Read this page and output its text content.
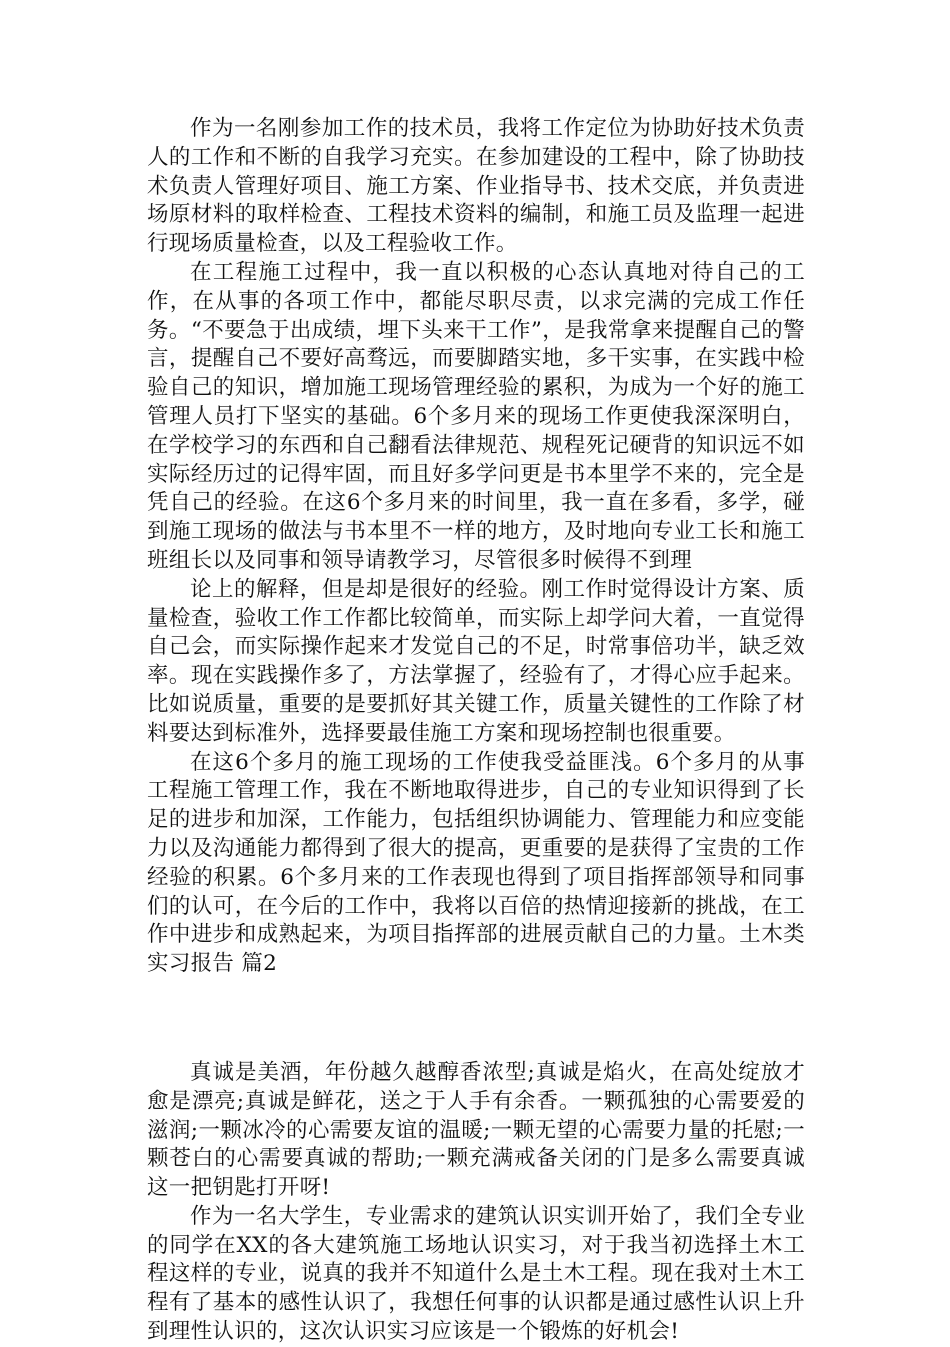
作为一名刚参加工作的技术员，我将工作定位为协助好技术负责人的工作和不断的自我学习充实。在参加建设的工程中，除了协助技术负责人管理好项目、施工方案、作业指导书、技术交底，并负责进场原材料的取样检查、工程技术资料的编制，和施工员及监理一起进行现场质量检查，以及工程验收工作。

在工程施工过程中，我一直以积极的心态认真地对待自己的工作，在从事的各项工作中，都能尽职尽责，以求完满的完成工作任务。“不要急于出成绩，埋下头来干工作”，是我常拿来提醒自己的警言，提醒自己不要好高骛远，而要脚踏实地，多干实事，在实践中检验自己的知识，增加施工现场管理经验的累积，为成为一个好的施工管理人员打下坚实的基础。6个多月来的现场工作更使我深深明白，在学校学习的东西和自己翻看法律规范、规程死记硬背的知识远不如实际经历过的记得牢固，而且好多学问更是书本里学不来的，完全是凭自己的经验。在这6个多月来的时间里，我一直在多看，多学，碰到施工现场的做法与书本里不一样的地方，及时地向专业工长和施工班组长以及同事和领导请教学习，尽管很多时候得不到理

论上的解释，但是却是很好的经验。刚工作时觉得设计方案、质量检查，验收工作工作都比较简单，而实际上却学问大着，一直觉得自己会，而实际操作起来才发觉自己的不足，时常事倍功半，缺乏效率。现在实践操作多了，方法掌握了，经验有了，才得心应手起来。比如说质量，重要的是要抓好其关键工作，质量关键性的工作除了材料要达到标准外，选择要最佳施工方案和现场控制也很重要。

在这6个多月的施工现场的工作使我受益匪浅。6个多月的从事工程施工管理工作，我在不断地取得进步，自己的专业知识得到了长足的进步和加深，工作能力，包括组织协调能力、管理能力和应变能力以及沟通能力都得到了很大的提高，更重要的是获得了宝贵的工作经验的积累。6个多月来的工作表现也得到了项目指挥部领导和同事们的认可，在今后的工作中，我将以百倍的热情迎接新的挑战，在工作中进步和成熟起来，为项目指挥部的进展贡献自己的力量。土木类实习报告 篇2

真诚是美酒，年份越久越醇香浓型;真诚是焰火，在高处绽放才愈是漂亮;真诚是鲜花，送之于人手有余香。一颗孤独的心需要爱的滋润;一颗冰冷的心需要友谊的温暖;一颗无望的心需要力量的托慰;一颗苍白的心需要真诚的帮助;一颗充满戒备关闭的门是多么需要真诚这一把钥匙打开呀!

作为一名大学生，专业需求的建筑认识实训开始了，我们全专业的同学在XX的各大建筑施工场地认识实习，对于我当初选择土木工程这样的专业，说真的我并不知道什么是土木工程。现在我对土木工程有了基本的感性认识了，我想任何事的认识都是通过感性认识上升到理性认识的，这次认识实习应该是一个锻炼的好机会!
